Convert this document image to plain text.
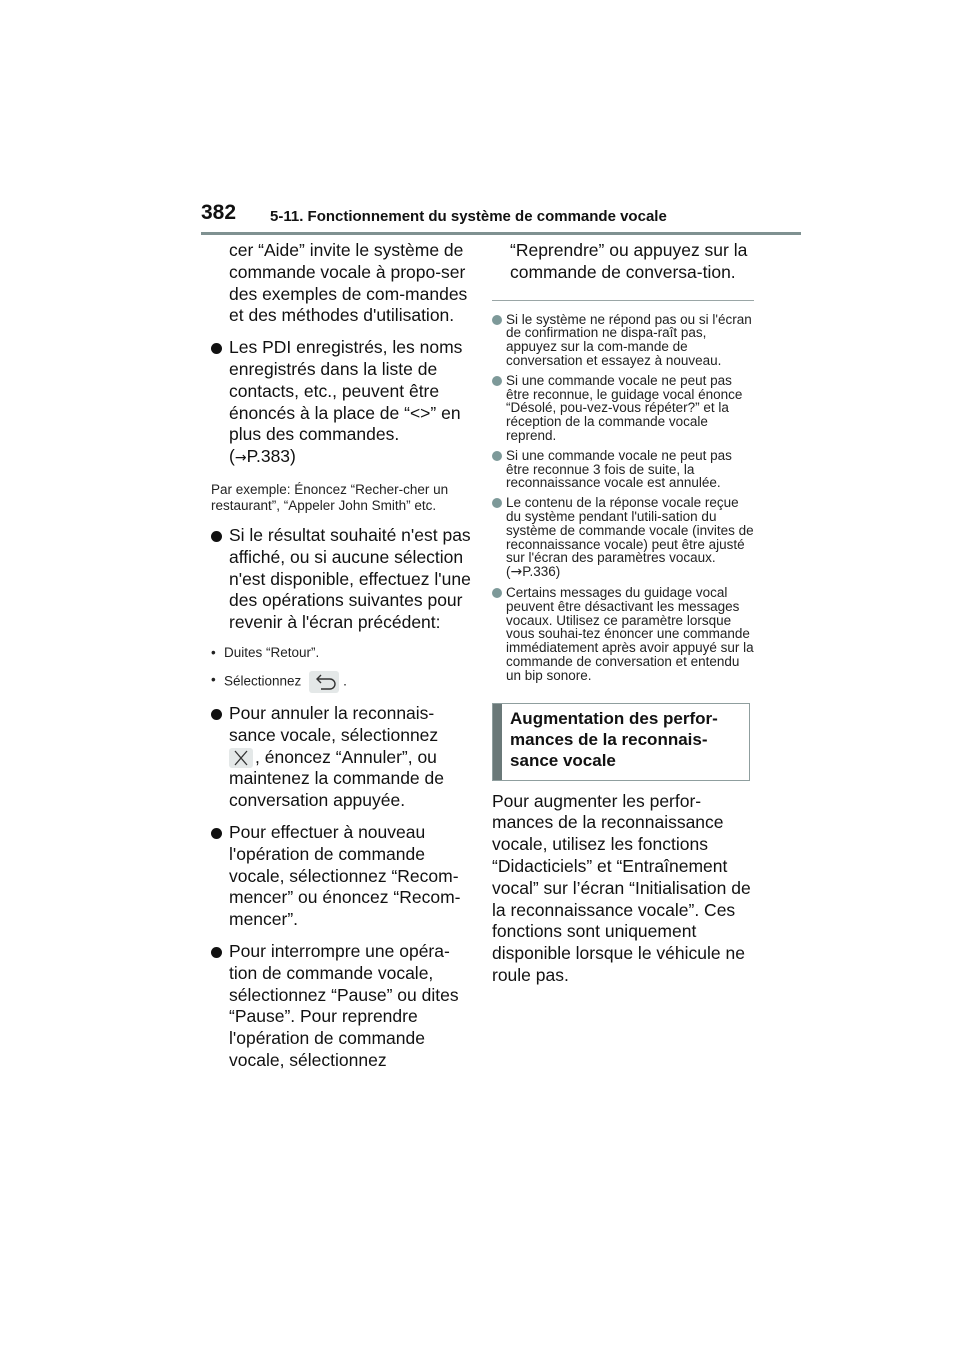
382 5-11. Fonctionnement du système de commande vocale
cer “Aide” invite le système de commande vocale à propo-ser des exemples de com-mandes et des méthodes d'utilisation.
Les PDI enregistrés, les noms enregistrés dans la liste de contacts, etc., peuvent être énoncés à la place de “<>” en plus des commandes.
(→P.383)
Par exemple: Énoncez “Recher-cher un restaurant”, “Appeler John Smith” etc.
Si le résultat souhaité n'est pas affiché, ou si aucune sélection n'est disponible, effectuez l'une des opérations suivantes pour revenir à l'écran précédent:
• Duites “Retour”.
• Sélectionnez	.
Pour annuler la reconnais-sance vocale, sélectionnez
, énoncez “Annuler”, ou maintenez la commande de conversation appuyée.
Pour effectuer à nouveau l'opération de commande vocale, sélectionnez “Recom-mencer” ou énoncez “Recom-mencer”.
Pour interrompre une opéra-tion de commande vocale, sélectionnez “Pause” ou dites “Pause”. Pour reprendre l'opération de commande vocale, sélectionnez
“Reprendre” ou appuyez sur la commande de conversa-tion.
Si le système ne répond pas ou si l'écran de confirmation ne dispa-raît pas, appuyez sur la com-mande de conversation et essayez à nouveau.
Si une commande vocale ne peut pas être reconnue, le guidage vocal énonce “Désolé, pou-vez-vous répéter?” et la réception de la commande vocale reprend.
Si une commande vocale ne peut pas être reconnue 3 fois de suite, la reconnaissance vocale est annulée.
Le contenu de la réponse vocale reçue du système pendant l'utili-sation du système de commande vocale (invites de reconnaissance vocale) peut être ajusté sur l'écran des paramètres vocaux. (→P.336)
Certains messages du guidage vocal peuvent être désactivant les messages vocaux. Utilisez ce paramètre lorsque vous souhai-tez énoncer une commande immédiatement après avoir appuyé sur la commande de conversation et entendu un bip sonore.
Augmentation des perfor-mances de la reconnais-sance vocale
Pour augmenter les perfor-mances de la reconnaissance vocale, utilisez les fonctions “Didacticiels” et “Entraînement vocal” sur l’écran “Initialisation de la reconnaissance vocale”. Ces fonctions sont uniquement disponible lorsque le véhicule ne roule pas.
